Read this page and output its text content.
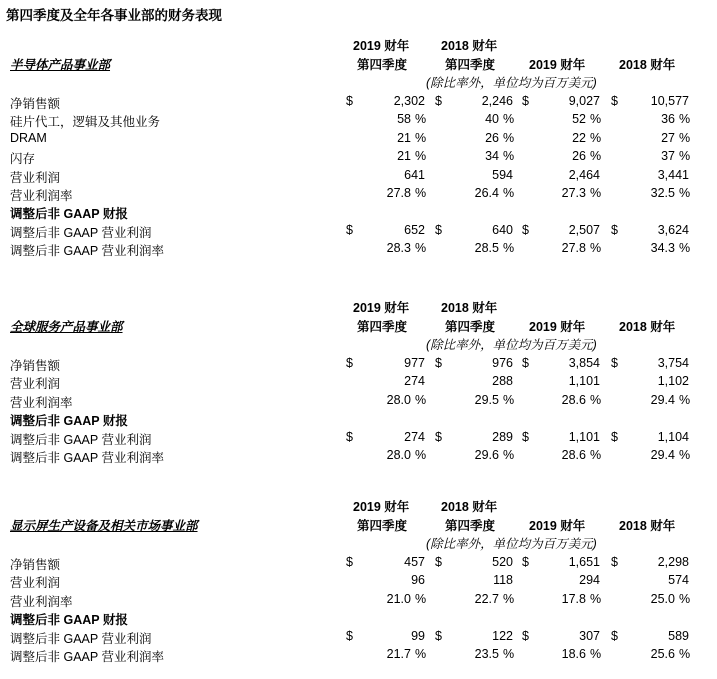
第四季度及全年各事业部的财务表现
2019 财年	2018 财年
第四季度	第四季度	2019 财年	2018 财年
半导体产品事业部
(除比率外，单位均为百万美元)
净销售额	$	2,302 $	2,246 $	9,027 $	10,577
硅片代工，逻辑及其他业务	58 %	40 %	52 %	36 %
DRAM	21 %	26 %	22 %	27 %
闪存	21 %	34 %	26 %	37 %
营业利润	641	594	2,464	3,441
营业利润率	27.8 %	26.4 %	27.3 %	32.5 %
调整后非 GAAP 财报
调整后非 GAAP 营业利润	$	652 $	640 $	2,507 $	3,624
调整后非 GAAP 营业利润率	28.3 %	28.5 %	27.8 %	34.3 %
2019 财年	2018 财年
第四季度	第四季度	2019 财年	2018 财年
全球服务产品事业部
(除比率外，单位均为百万美元)
净销售额	$	977 $	976 $	3,854 $	3,754
营业利润	274	288	1,101	1,102
营业利润率	28.0 %	29.5 %	28.6 %	29.4 %
调整后非 GAAP 财报
调整后非 GAAP 营业利润	$	274 $	289 $	1,101 $	1,104
调整后非 GAAP 营业利润率	28.0 %	29.6 %	28.6 %	29.4 %
2019 财年	2018 财年
第四季度	第四季度	2019 财年	2018 财年
显示屏生产设备及相关市场事业部
(除比率外，单位均为百万美元)
净销售额	$	457 $	520 $	1,651 $	2,298
营业利润	96	118	294	574
营业利润率	21.0 %	22.7 %	17.8 %	25.0 %
调整后非 GAAP 财报
调整后非 GAAP 营业利润	$	99 $	122 $	307 $	589
调整后非 GAAP 营业利润率	21.7 %	23.5 %	18.6 %	25.6 %
